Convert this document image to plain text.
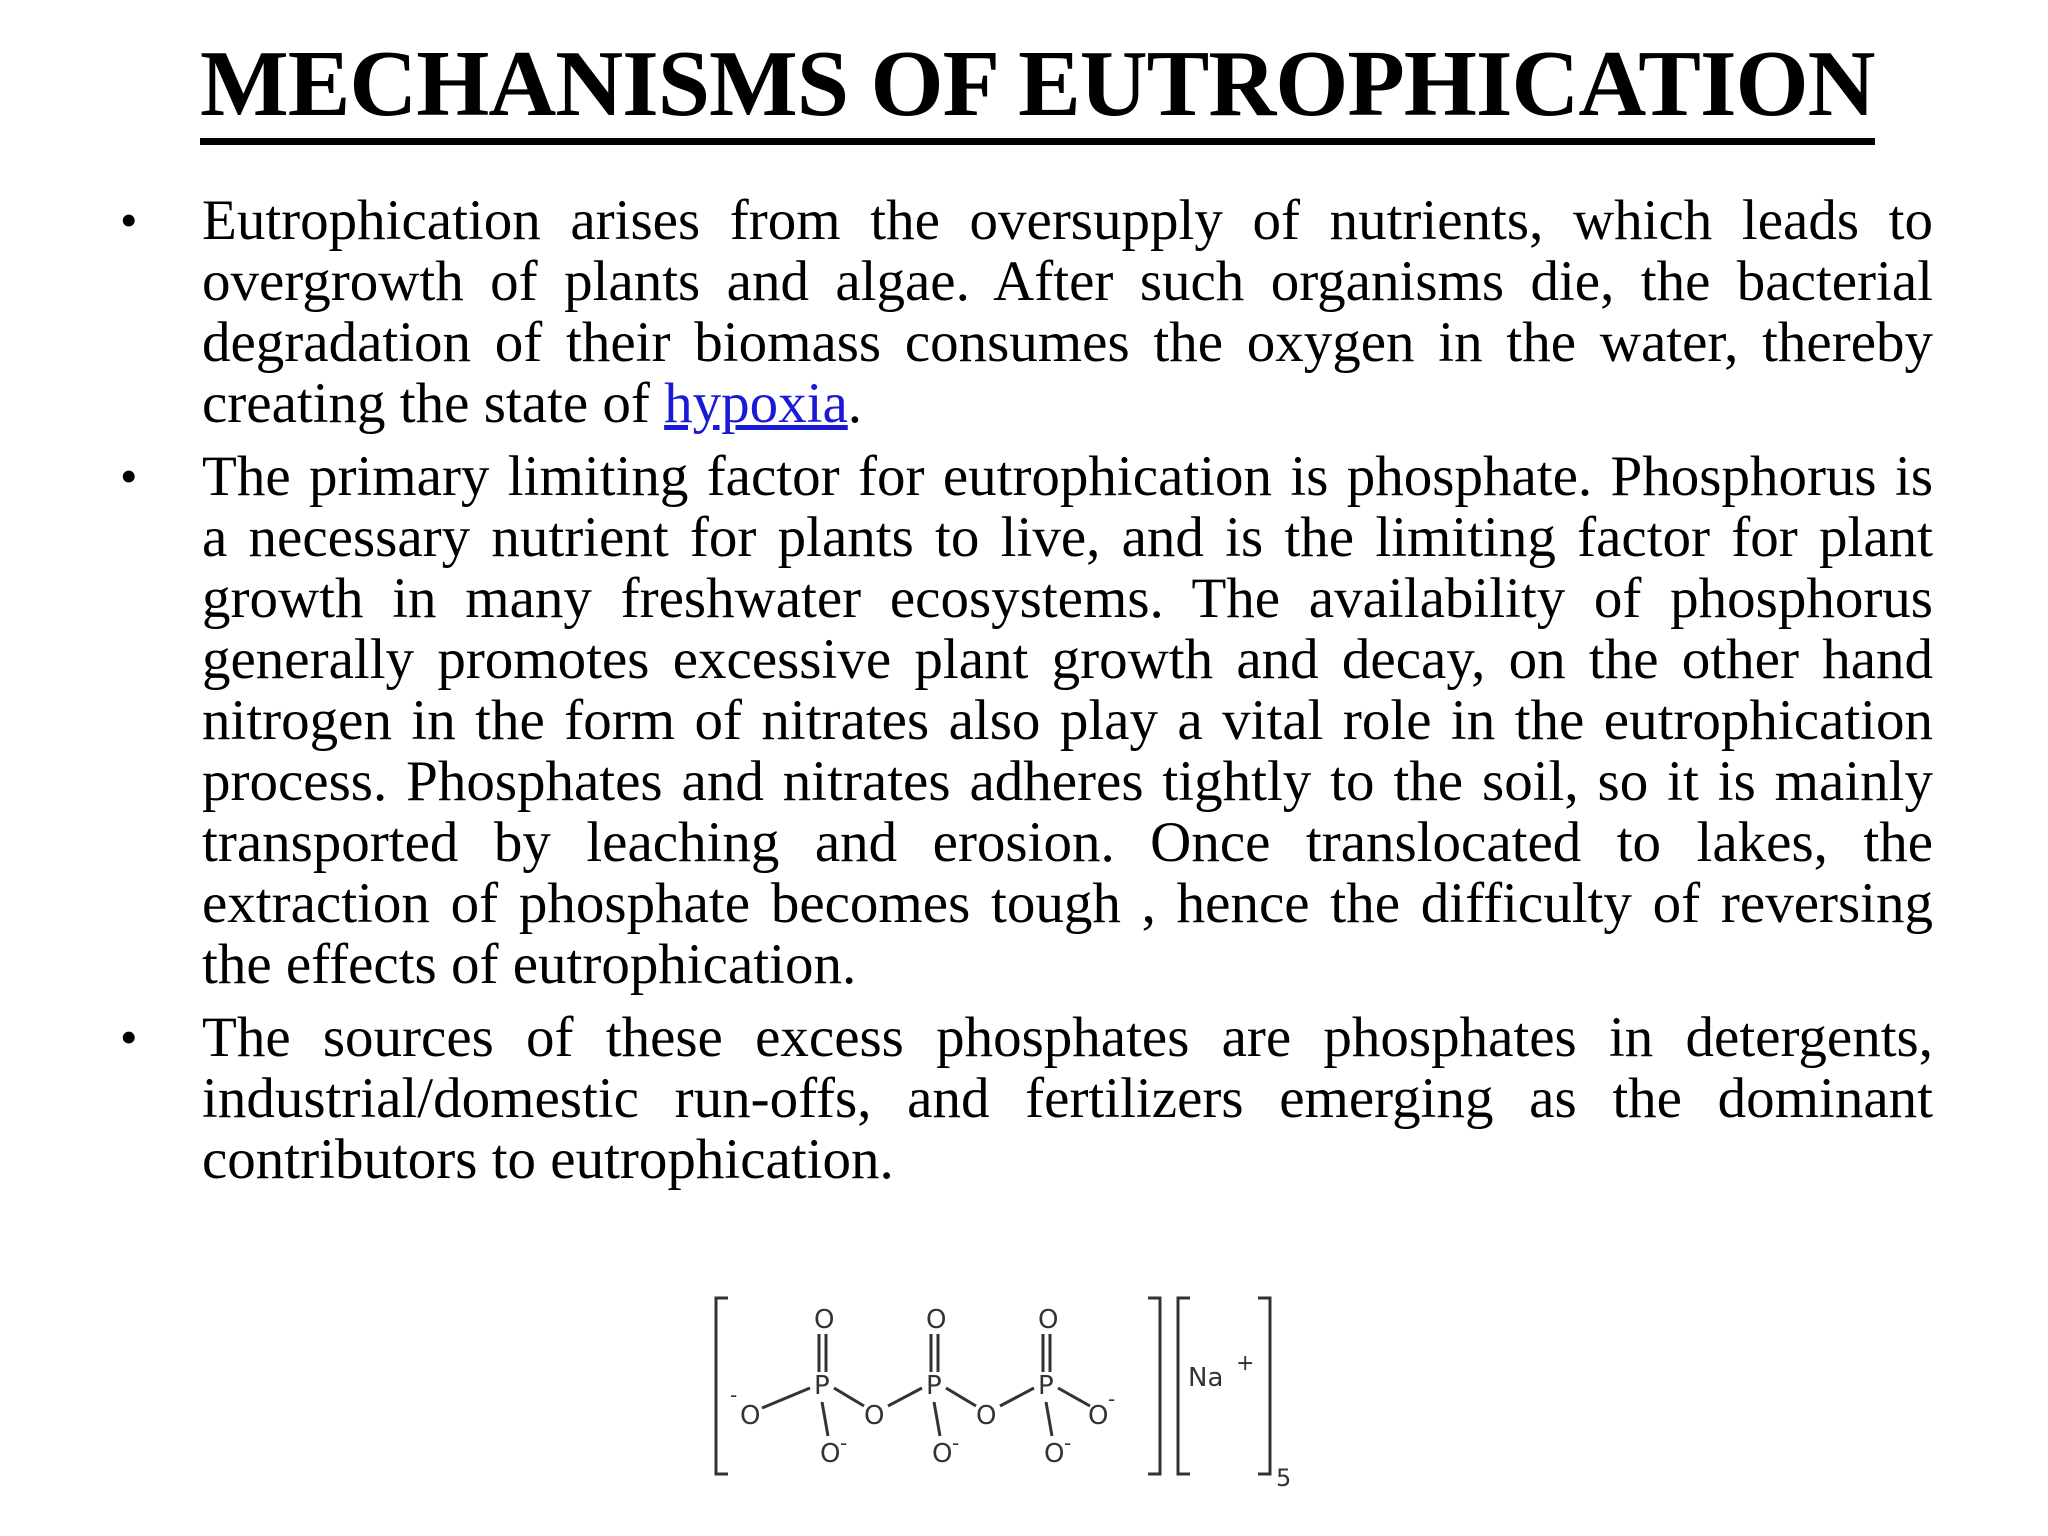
MECHANISMS OF EUTROPHICATION
•	Eutrophication arises from the oversupply of nutrients, which leads to overgrowth of plants and algae. After such organisms die, the bacterial degradation of their biomass consumes the oxygen in the water, thereby creating the state of hypoxia.
•	The primary limiting factor for eutrophication is phosphate. Phosphorus is a necessary nutrient for plants to live, and is the limiting factor for plant growth in many freshwater ecosystems. The availability of phosphorus generally promotes excessive plant growth and decay, on the other hand nitrogen in the form of nitrates also play a vital role in the eutrophication process. Phosphates and nitrates adheres tightly to the soil, so it is mainly transported by leaching and erosion. Once translocated to lakes, the extraction of phosphate becomes tough , hence the difficulty of reversing the effects of eutrophication.
•	The sources of these excess phosphates are phosphates in detergents, industrial/domestic run-offs, and fertilizers emerging as the dominant contributors to eutrophication.
O	O	O
P	P	P
-
O	O	O	O
-
O -	O -	O -
Na +
5
